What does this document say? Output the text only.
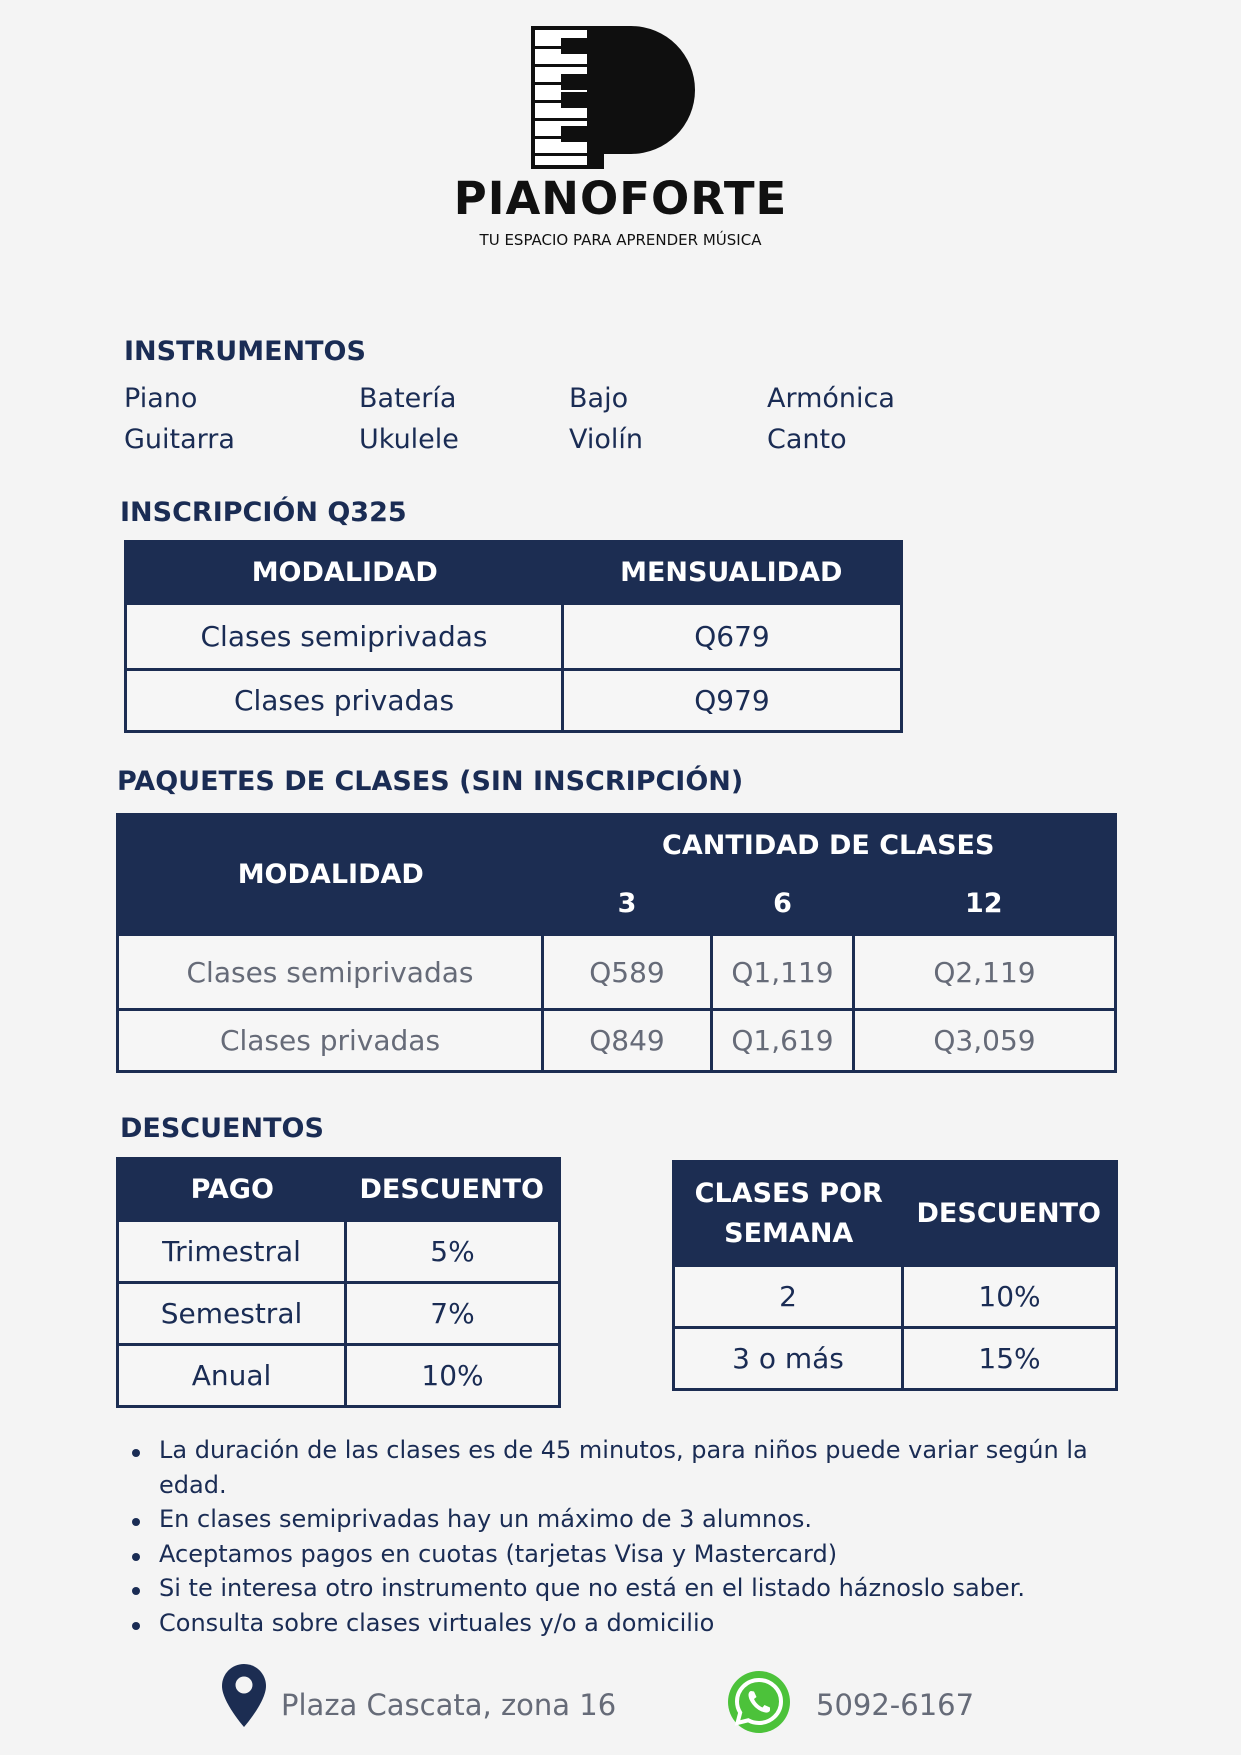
PIANOFORTE
TU ESPACIO PARA APRENDER MÚSICA
INSTRUMENTOS
Piano	Batería	Bajo	Armónica
Guitarra	Ukulele	Violín	Canto
INSCRIPCIÓN Q325
MODALIDAD	MENSUALIDAD
Clases semiprivadas	Q679
Clases privadas	Q979
PAQUETES DE CLASES (SIN INSCRIPCIÓN)
MODALIDAD	CANTIDAD DE CLASES		
	3	6	12
Clases semiprivadas	Q589	Q1,119	Q2,119
Clases privadas	Q849	Q1,619	Q3,059
DESCUENTOS
PAGO	DESCUENTO
Trimestral	5%
Semestral	7%
Anual	10%
CLASES POR
SEMANA	DESCUENTO
2	10%
3 o más	15%
La duración de las clases es de 45 minutos, para niños puede variar según la edad.
En clases semiprivadas hay un máximo de 3 alumnos.
Aceptamos pagos en cuotas (tarjetas Visa y Mastercard)
Si te interesa otro instrumento que no está en el listado háznoslo saber.
Consulta sobre clases virtuales y/o a domicilio
Plaza Cascata, zona 16	5092-6167
